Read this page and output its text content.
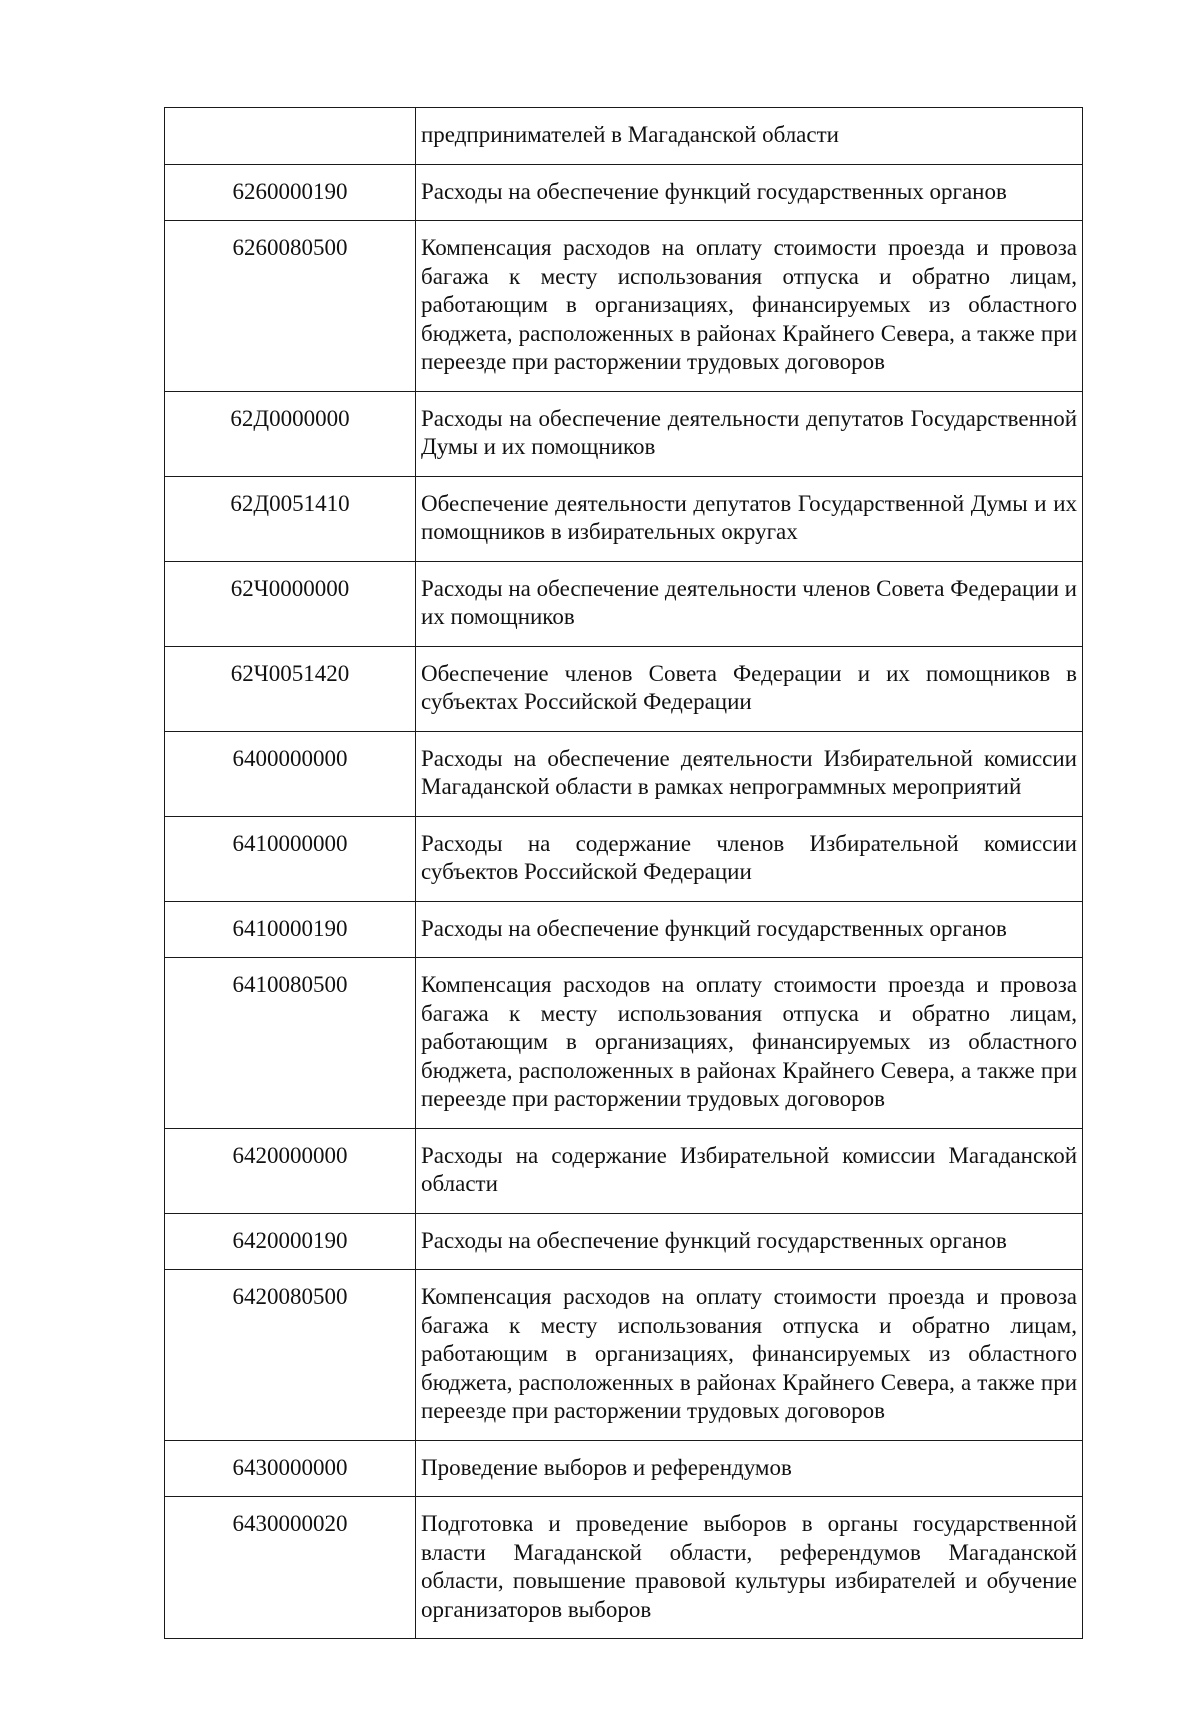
	предпринимателей в Магаданской области
6260000190	Расходы на обеспечение функций государственных органов
6260080500	Компенсация расходов на оплату стоимости проезда и провоза багажа к месту использования отпуска и обратно лицам, работающим в организациях, финансируемых из областного бюджета, расположенных в районах Крайнего Севера, а также при переезде при расторжении трудовых договоров
62Д0000000	Расходы на обеспечение деятельности депутатов Государственной Думы и их помощников
62Д0051410	Обеспечение деятельности депутатов Государственной Думы и их помощников в избирательных округах
62Ч0000000	Расходы на обеспечение деятельности членов Совета Федерации и их помощников
62Ч0051420	Обеспечение членов Совета Федерации и их помощников в субъектах Российской Федерации
6400000000	Расходы на обеспечение деятельности Избирательной комиссии Магаданской области в рамках непрограммных мероприятий
6410000000	Расходы на содержание членов Избирательной комиссии субъектов Российской Федерации
6410000190	Расходы на обеспечение функций государственных органов
6410080500	Компенсация расходов на оплату стоимости проезда и провоза багажа к месту использования отпуска и обратно лицам, работающим в организациях, финансируемых из областного бюджета, расположенных в районах Крайнего Севера, а также при переезде при расторжении трудовых договоров
6420000000	Расходы на содержание Избирательной комиссии Магаданской области
6420000190	Расходы на обеспечение функций государственных органов
6420080500	Компенсация расходов на оплату стоимости проезда и провоза багажа к месту использования отпуска и обратно лицам, работающим в организациях, финансируемых из областного бюджета, расположенных в районах Крайнего Севера, а также при переезде при расторжении трудовых договоров
6430000000	Проведение выборов и референдумов
6430000020	Подготовка и проведение выборов в органы государственной власти Магаданской области, референдумов Магаданской области, повышение правовой культуры избирателей и обучение организаторов выборов
